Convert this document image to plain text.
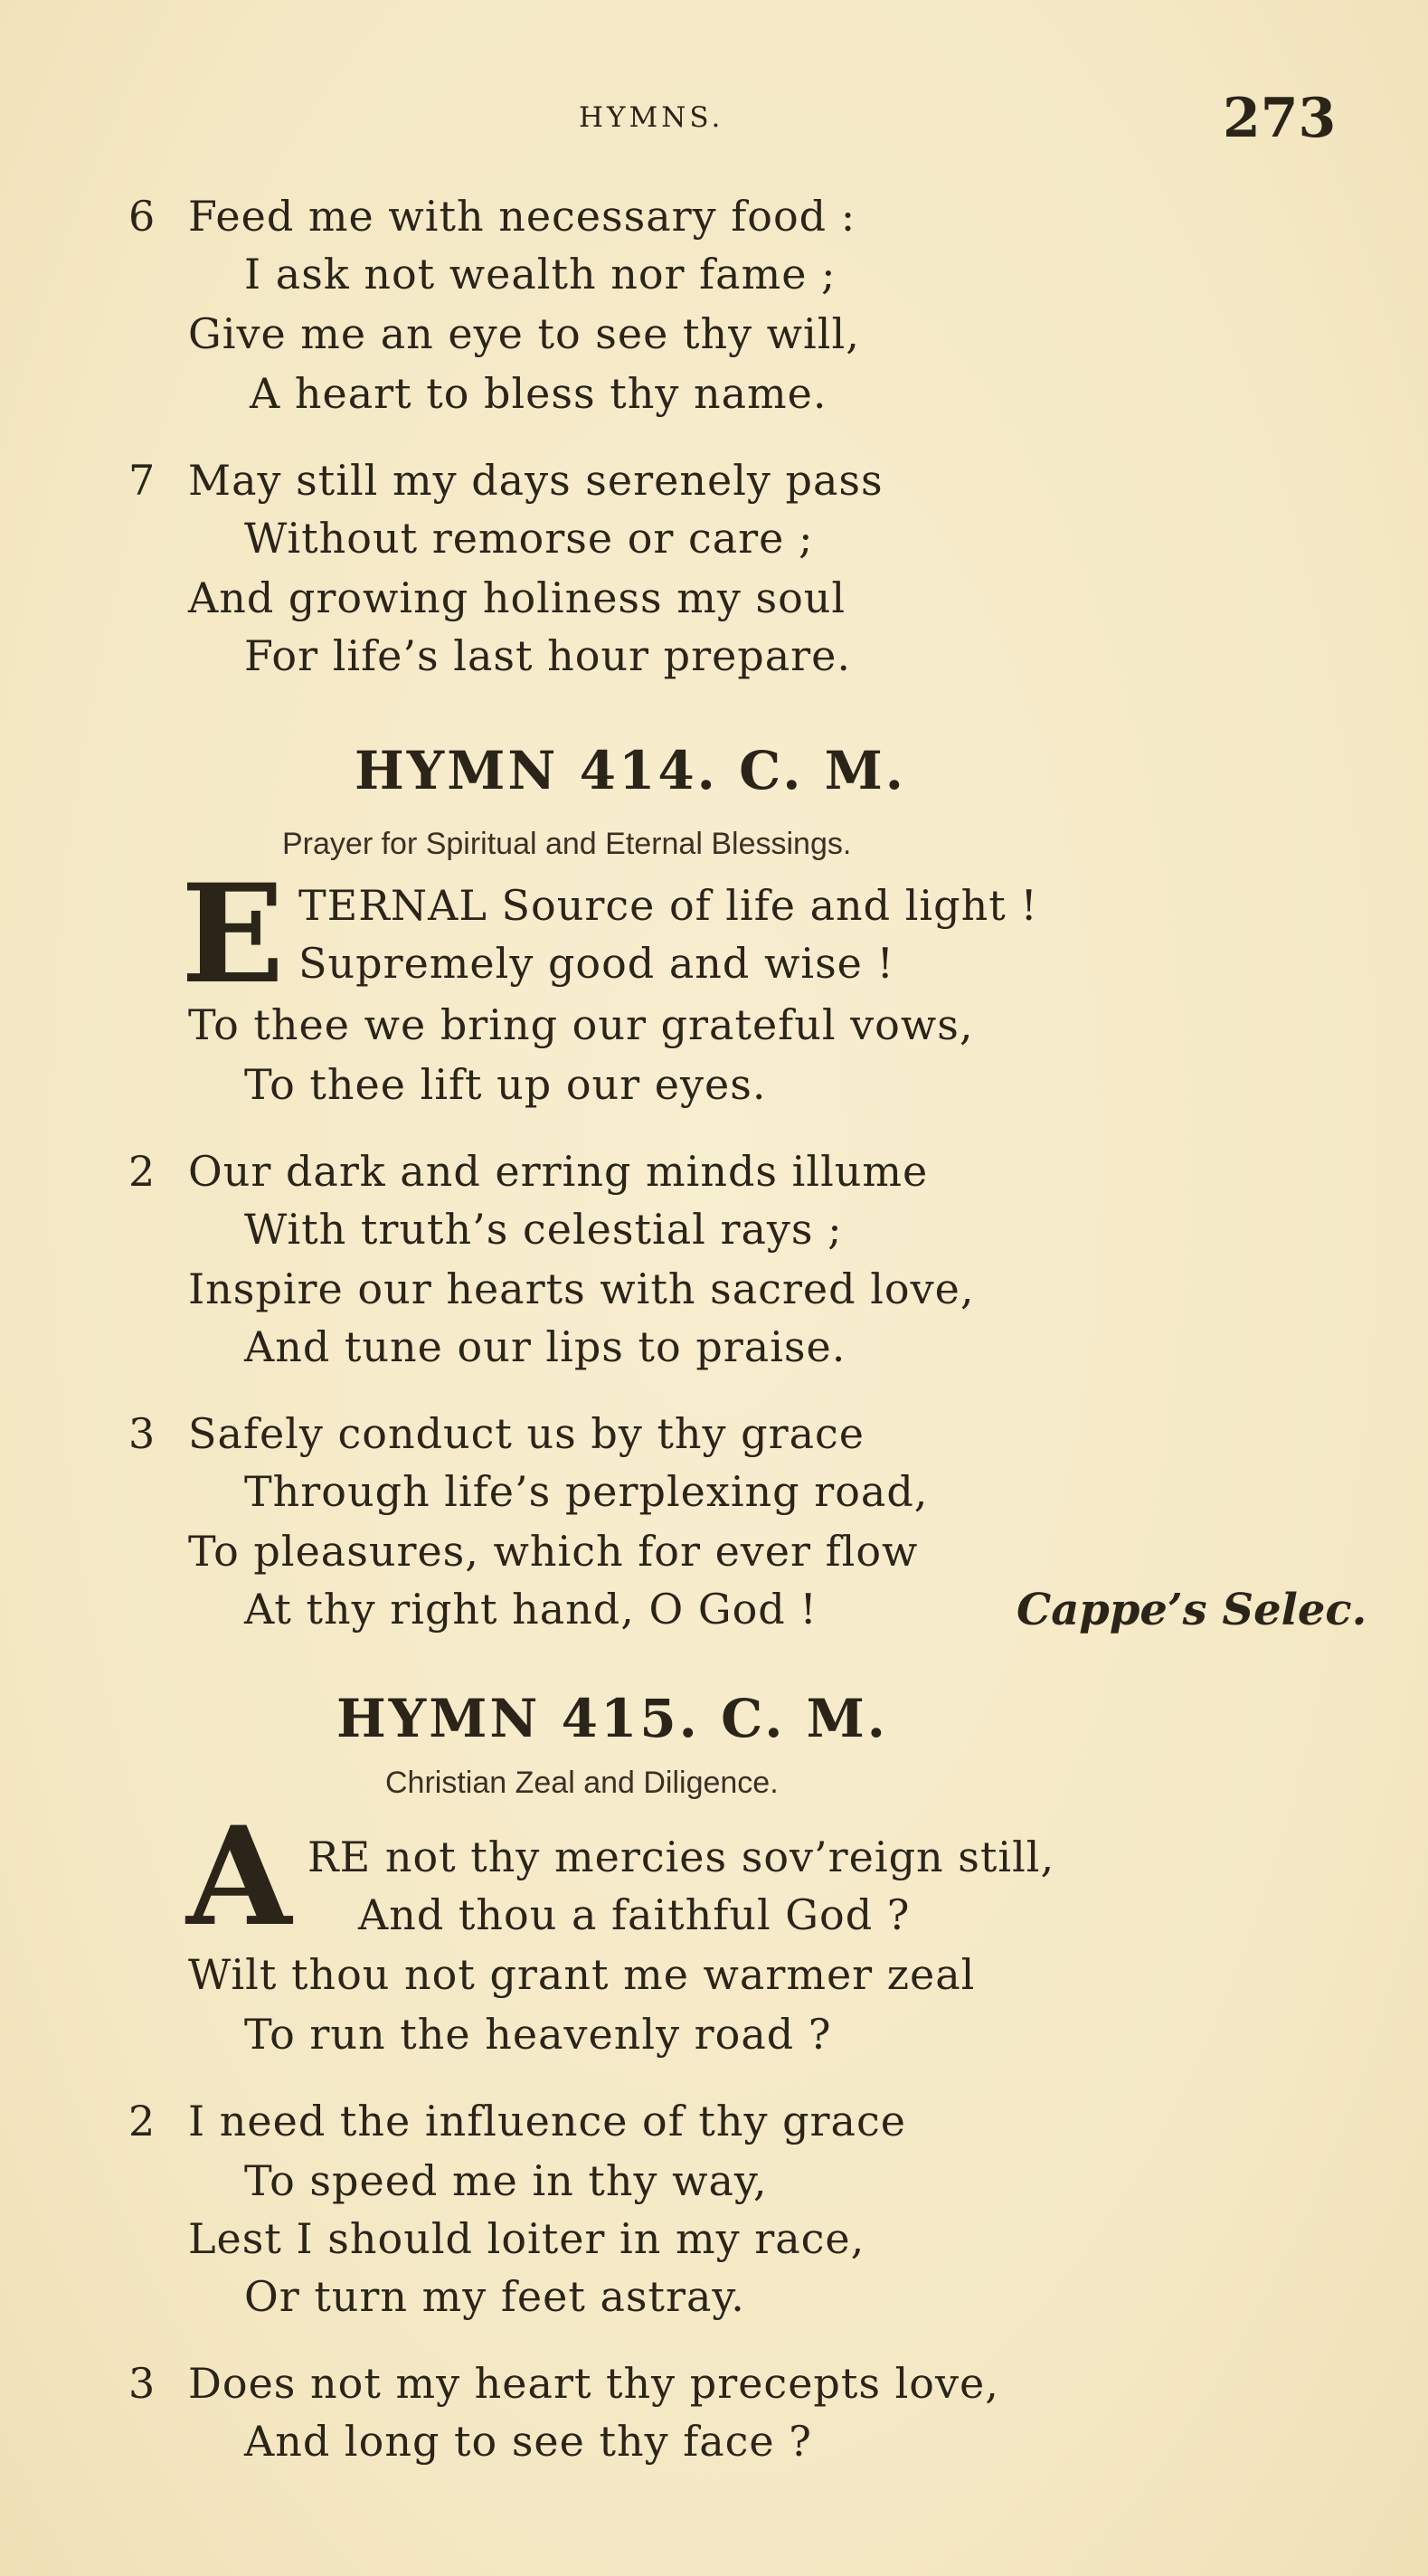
HYMNS.	273
6 Feed me with necessary food :
I ask not wealth nor fame ;
Give me an eye to see thy will,
A heart to bless thy name.
7 May still my days serenely pass
Without remorse or care ;
And growing holiness my soul
For life’s last hour prepare.
HYMN 414. C. M.
Prayer for Spiritual and Eternal Blessings.
E TERNAL Source of life and light !
Supremely good and wise !
To thee we bring our grateful vows,
To thee lift up our eyes.
2 Our dark and erring minds illume
With truth’s celestial rays ;
Inspire our hearts with sacred love,
And tune our lips to praise.
3 Safely conduct us by thy grace
Through life’s perplexing road,
To pleasures, which for ever flow
At thy right hand, O God !	Cappe’s Selec.
HYMN 415. C. M.
Christian Zeal and Diligence.
A RE not thy mercies sov’reign still,
And thou a faithful God ?
Wilt thou not grant me warmer zeal
To run the heavenly road ?
2 I need the influence of thy grace
To speed me in thy way,
Lest I should loiter in my race,
Or turn my feet astray.
3 Does not my heart thy precepts love,
And long to see thy face ?
